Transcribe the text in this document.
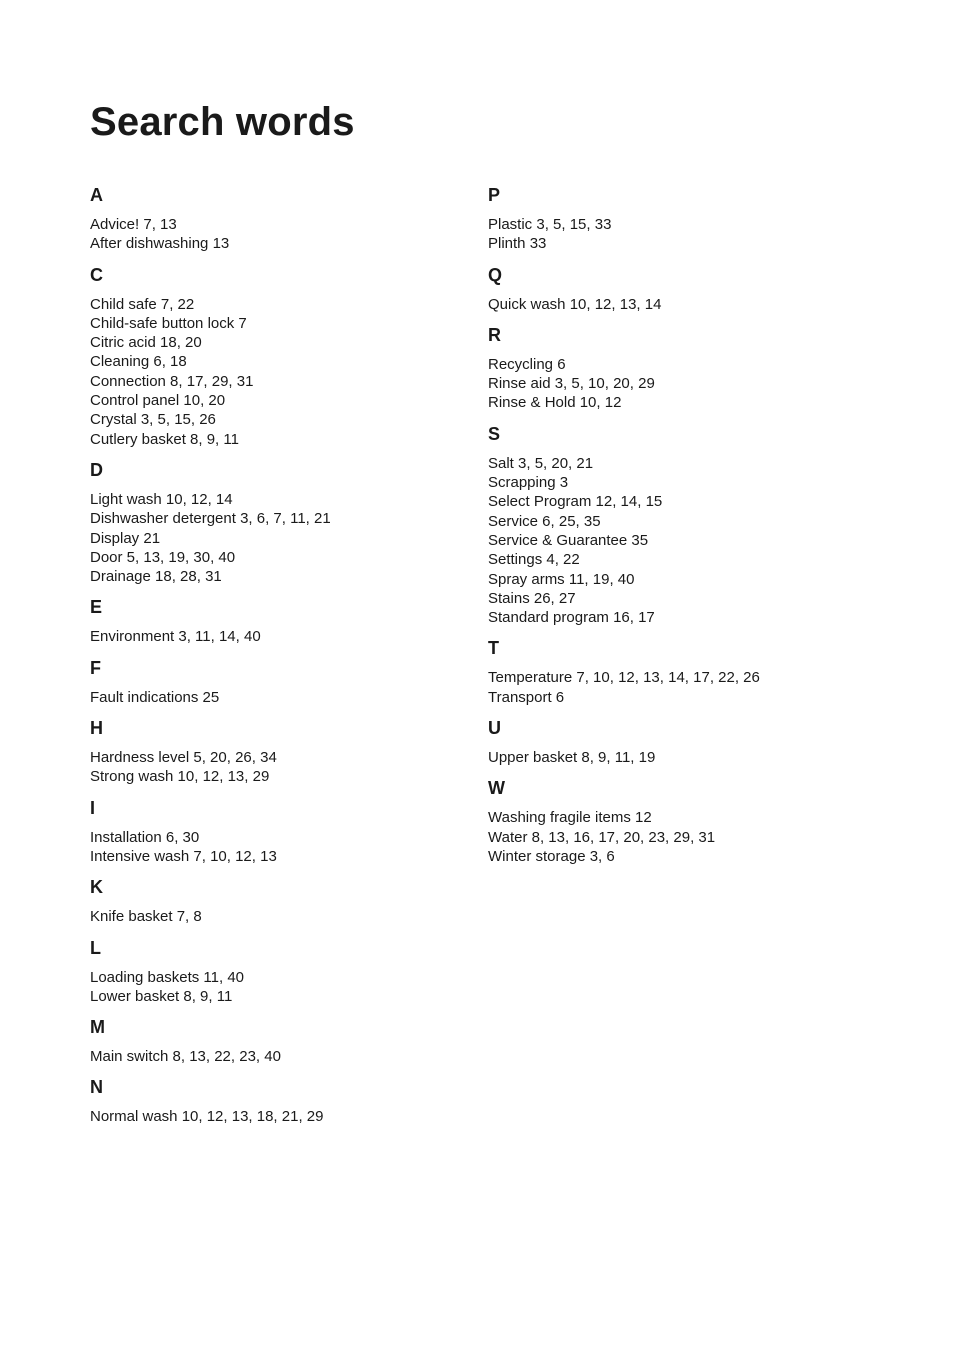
Search words
A
Advice! 7, 13
After dishwashing 13
C
Child safe 7, 22
Child-safe button lock 7
Citric acid 18, 20
Cleaning 6, 18
Connection 8, 17, 29, 31
Control panel 10, 20
Crystal 3, 5, 15, 26
Cutlery basket 8, 9, 11
D
Light wash 10, 12, 14
Dishwasher detergent 3, 6, 7, 11, 21
Display 21
Door 5, 13, 19, 30, 40
Drainage 18, 28, 31
E
Environment 3, 11, 14, 40
F
Fault indications 25
H
Hardness level 5, 20, 26, 34
Strong wash 10, 12, 13, 29
I
Installation 6, 30
Intensive wash 7, 10, 12, 13
K
Knife basket 7, 8
L
Loading baskets 11, 40
Lower basket 8, 9, 11
M
Main switch 8, 13, 22, 23, 40
N
Normal wash 10, 12, 13, 18, 21, 29
P
Plastic 3, 5, 15, 33
Plinth 33
Q
Quick wash 10, 12, 13, 14
R
Recycling 6
Rinse aid 3, 5, 10, 20, 29
Rinse & Hold 10, 12
S
Salt 3, 5, 20, 21
Scrapping 3
Select Program 12, 14, 15
Service 6, 25, 35
Service & Guarantee 35
Settings 4, 22
Spray arms 11, 19, 40
Stains 26, 27
Standard program 16, 17
T
Temperature 7, 10, 12, 13, 14, 17, 22, 26
Transport 6
U
Upper basket 8, 9, 11, 19
W
Washing fragile items 12
Water 8, 13, 16, 17, 20, 23, 29, 31
Winter storage 3, 6
